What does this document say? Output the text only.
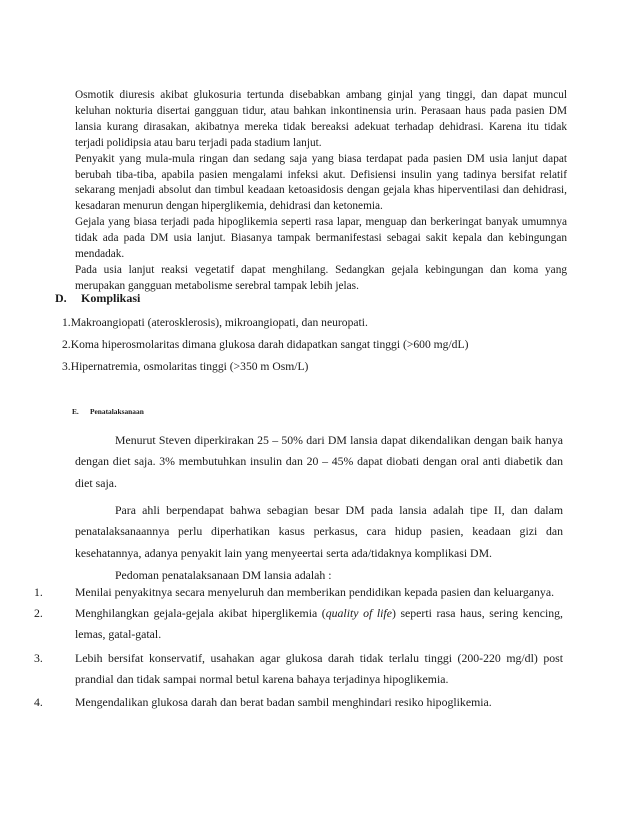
Osmotik diuresis akibat glukosuria tertunda disebabkan ambang ginjal yang tinggi, dan dapat muncul keluhan nokturia disertai gangguan tidur, atau bahkan inkontinensia urin. Perasaan haus pada pasien DM lansia kurang dirasakan, akibatnya mereka tidak bereaksi adekuat terhadap dehidrasi. Karena itu tidak terjadi polidipsia atau baru terjadi pada stadium lanjut.

Penyakit yang mula-mula ringan dan sedang saja yang biasa terdapat pada pasien DM usia lanjut dapat berubah tiba-tiba, apabila pasien mengalami infeksi akut. Defisiensi insulin yang tadinya bersifat relatif sekarang menjadi absolut dan timbul keadaan ketoasidosis dengan gejala khas hiperventilasi dan dehidrasi, kesadaran menurun dengan hiperglikemia, dehidrasi dan ketonemia.

Gejala yang biasa terjadi pada hipoglikemia seperti rasa lapar, menguap dan berkeringat banyak umumnya tidak ada pada DM usia lanjut. Biasanya tampak bermanifestasi sebagai sakit kepala dan kebingungan mendadak.

Pada usia lanjut reaksi vegetatif dapat menghilang. Sedangkan gejala kebingungan dan koma yang merupakan gangguan metabolisme serebral tampak lebih jelas.

D. Komplikasi
1.Makroangiopati (aterosklerosis), mikroangiopati, dan neuropati.
2.Koma hiperosmolaritas dimana glukosa darah didapatkan sangat tinggi (>600 mg/dL)
3.Hipernatremia, osmolaritas tinggi (>350 m Osm/L)
E. Penatalaksanaan

Menurut Steven diperkirakan 25 – 50% dari DM lansia dapat dikendalikan dengan baik hanya dengan diet saja. 3% membutuhkan insulin dan 20 – 45% dapat diobati dengan oral anti diabetik dan diet saja.

Para ahli berpendapat bahwa sebagian besar DM pada lansia adalah tipe II, dan dalam penatalaksanaannya perlu diperhatikan kasus perkasus, cara hidup pasien, keadaan gizi dan kesehatannya, adanya penyakit lain yang menyeertai serta ada/tidaknya komplikasi DM.

Pedoman penatalaksanaan DM lansia adalah :

1.	Menilai penyakitnya secara menyeluruh dan memberikan pendidikan kepada pasien dan keluarganya.

2.	Menghilangkan gejala-gejala akibat hiperglikemia (quality of life) seperti rasa haus, sering kencing, lemas, gatal-gatal.

3.	Lebih bersifat konservatif, usahakan agar glukosa darah tidak terlalu tinggi (200-220 mg/dl) post prandial dan tidak sampai normal betul karena bahaya terjadinya hipoglikemia.

4.	Mengendalikan glukosa darah dan berat badan sambil menghindari resiko hipoglikemia.
